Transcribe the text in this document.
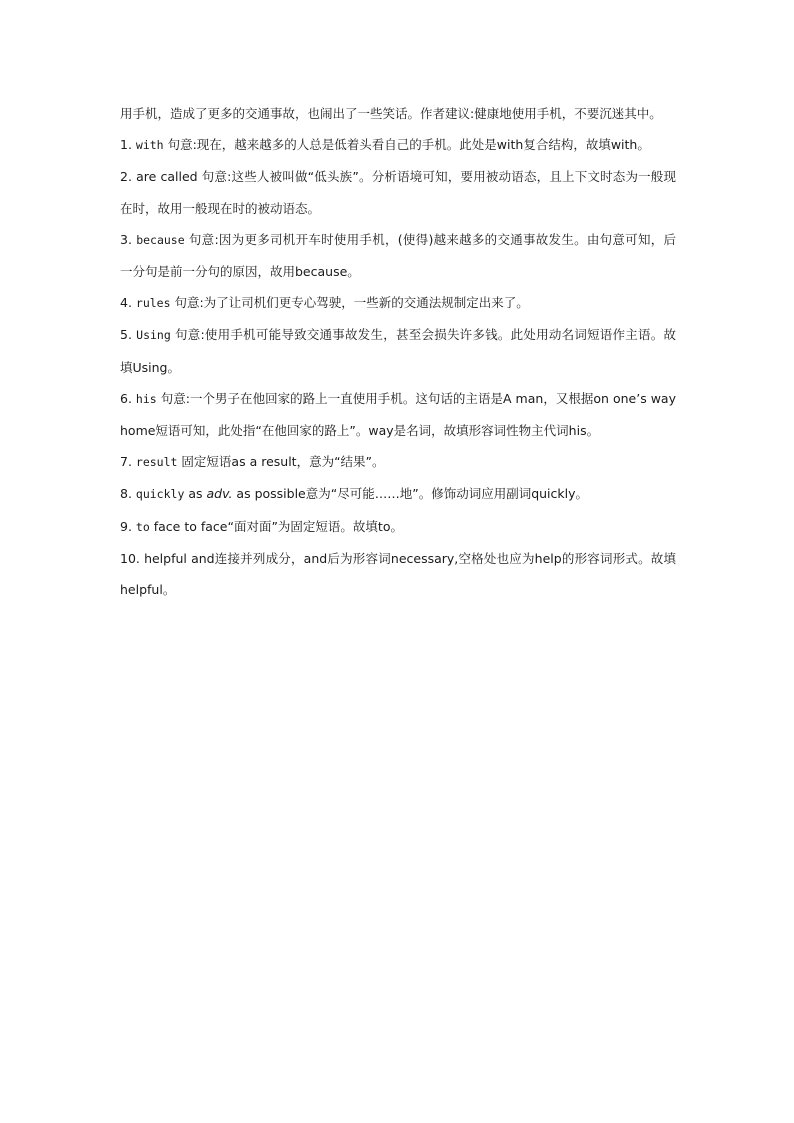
用手机，造成了更多的交通事故，也闹出了一些笑话。作者建议:健康地使用手机，不要沉迷其中。

1. with 句意:现在，越来越多的人总是低着头看自己的手机。此处是with复合结构，故填with。

2. are called 句意:这些人被叫做“低头族”。分析语境可知，要用被动语态，且上下文时态为一般现在时，故用一般现在时的被动语态。

3. because 句意:因为更多司机开车时使用手机，(使得)越来越多的交通事故发生。由句意可知，后一分句是前一分句的原因，故用because。

4. rules 句意:为了让司机们更专心驾驶，一些新的交通法规制定出来了。

5. Using 句意:使用手机可能导致交通事故发生，甚至会损失许多钱。此处用动名词短语作主语。故填Using。

6. his 句意:一个男子在他回家的路上一直使用手机。这句话的主语是A man，又根据on one’s way home短语可知，此处指“在他回家的路上”。way是名词，故填形容词性物主代词his。

7. result 固定短语as a result，意为“结果”。

8. quickly as adv. as possible意为“尽可能……地”。修饰动词应用副词quickly。

9. to face to face“面对面”为固定短语。故填to。

10. helpful and连接并列成分，and后为形容词necessary,空格处也应为help的形容词形式。故填helpful。
